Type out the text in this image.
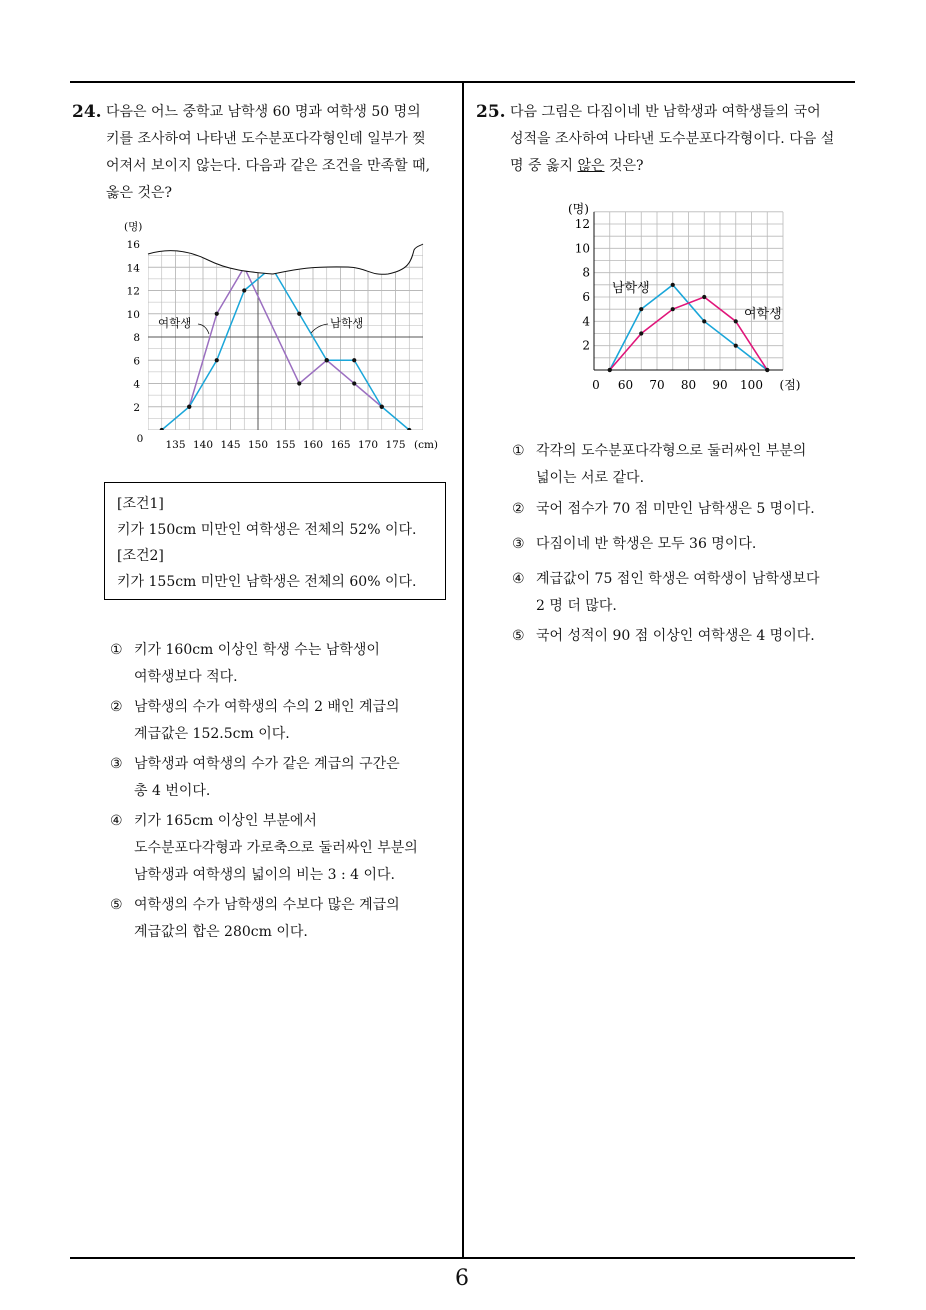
6
24. 다음은 어느 중학교 남학생 60 명과 여학생 50 명의

키를 조사하여 나타낸 도수분포다각형인데 일부가 찢

어져서 보이지 않는다. 다음과 같은 조건을 만족할 때,

옳은 것은?

2
4
6
8
10
12
14
16
(명)
0 135 140 145 150 155 160 165 170 175 (cm)
여학생	남학생

[조건1]

키가 150cm 미만인 여학생은 전체의 52% 이다.

[조건2]

키가 155cm 미만인 남학생은 전체의 60% 이다.

① 키가 160cm 이상인 학생 수는 남학생이
여학생보다 적다.
② 남학생의 수가 여학생의 수의 2 배인 계급의
계급값은 152.5cm 이다.
③ 남학생과 여학생의 수가 같은 계급의 구간은
총 4 번이다.
④ 키가 165cm 이상인 부분에서
도수분포다각형과 가로축으로 둘러싸인 부분의
남학생과 여학생의 넓이의 비는 3 : 4 이다.
⑤ 여학생의 수가 남학생의 수보다 많은 계급의
계급값의 합은 280cm 이다.
25. 다음 그림은 다짐이네 반 남학생과 여학생들의 국어

성적을 조사하여 나타낸 도수분포다각형이다. 다음 설

명 중 옳지 않은 것은?

2
4
6
8
10
12
(명)
0 60 70 80 90 100 (점)
남학생
여학생
① 각각의 도수분포다각형으로 둘러싸인 부분의
넓이는 서로 같다.
② 국어 점수가 70 점 미만인 남학생은 5 명이다.
③ 다짐이네 반 학생은 모두 36 명이다.
④ 계급값이 75 점인 학생은 여학생이 남학생보다
2 명 더 많다.
⑤ 국어 성적이 90 점 이상인 여학생은 4 명이다.
